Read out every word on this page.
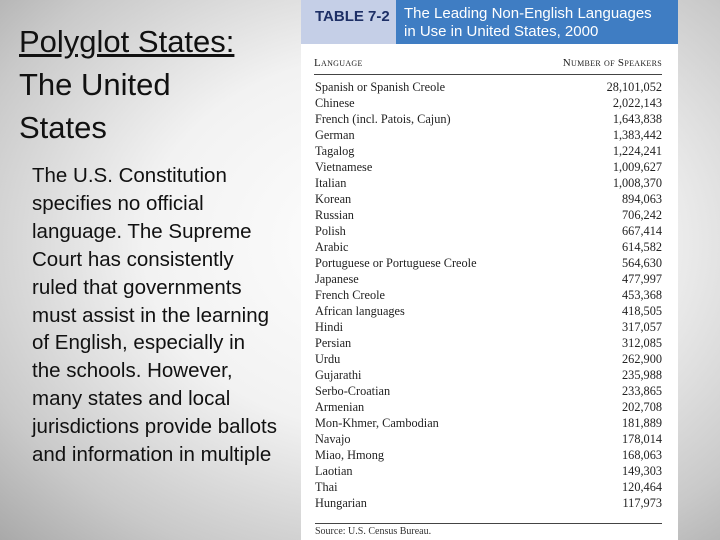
Polyglot States:
The United
States
The U.S. Constitution specifies no official language. The Supreme Court has consistently ruled that governments must assist in the learning of English, especially in the schools. However, many states and local jurisdictions provide ballots and information in multiple
TABLE 7-2 The Leading Non-English Languages
in Use in United States, 2000
Language	Number of Speakers
Spanish or Spanish Creole	28,101,052
Chinese	2,022,143
French (incl. Patois, Cajun)	1,643,838
German	1,383,442
Tagalog	1,224,241
Vietnamese	1,009,627
Italian	1,008,370
Korean	894,063
Russian	706,242
Polish	667,414
Arabic	614,582
Portuguese or Portuguese Creole	564,630
Japanese	477,997
French Creole	453,368
African languages	418,505
Hindi	317,057
Persian	312,085
Urdu	262,900
Gujarathi	235,988
Serbo-Croatian	233,865
Armenian	202,708
Mon-Khmer, Cambodian	181,889
Navajo	178,014
Miao, Hmong	168,063
Laotian	149,303
Thai	120,464
Hungarian	117,973
Source: U.S. Census Bureau.
